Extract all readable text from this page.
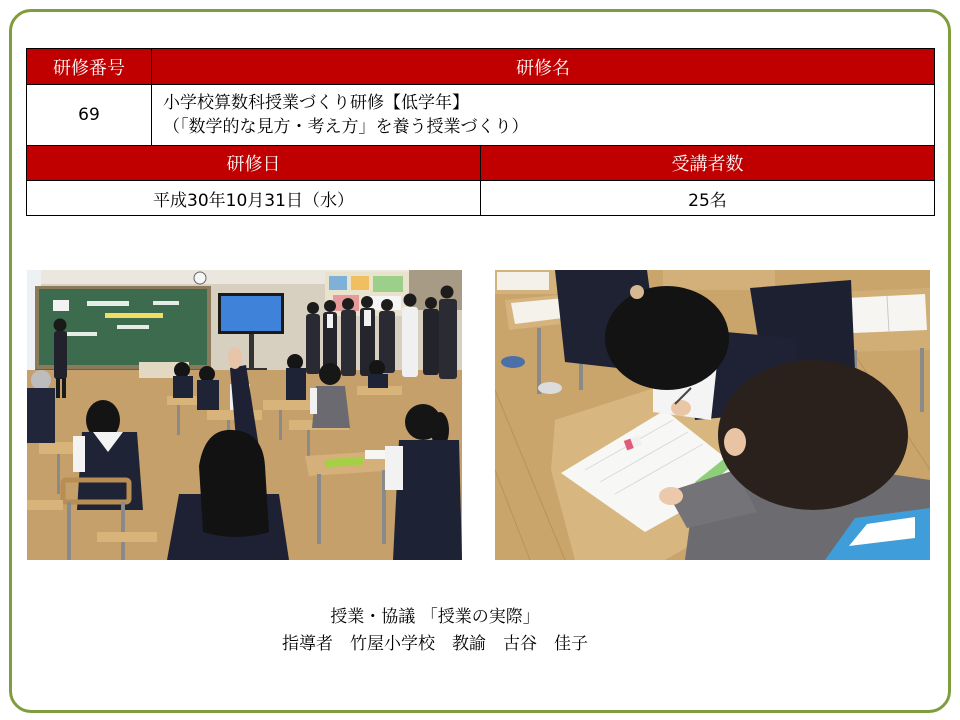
研修番号	研修名	
69	小学校算数科授業づくり研修【低学年】
（「数学的な見方・考え方」を養う授業づくり）	

研修日		受講者数
平成30年10月31日（水）		25名
授業・協議 「授業の実際」
指導者　竹屋小学校　教諭　古谷　佳子
